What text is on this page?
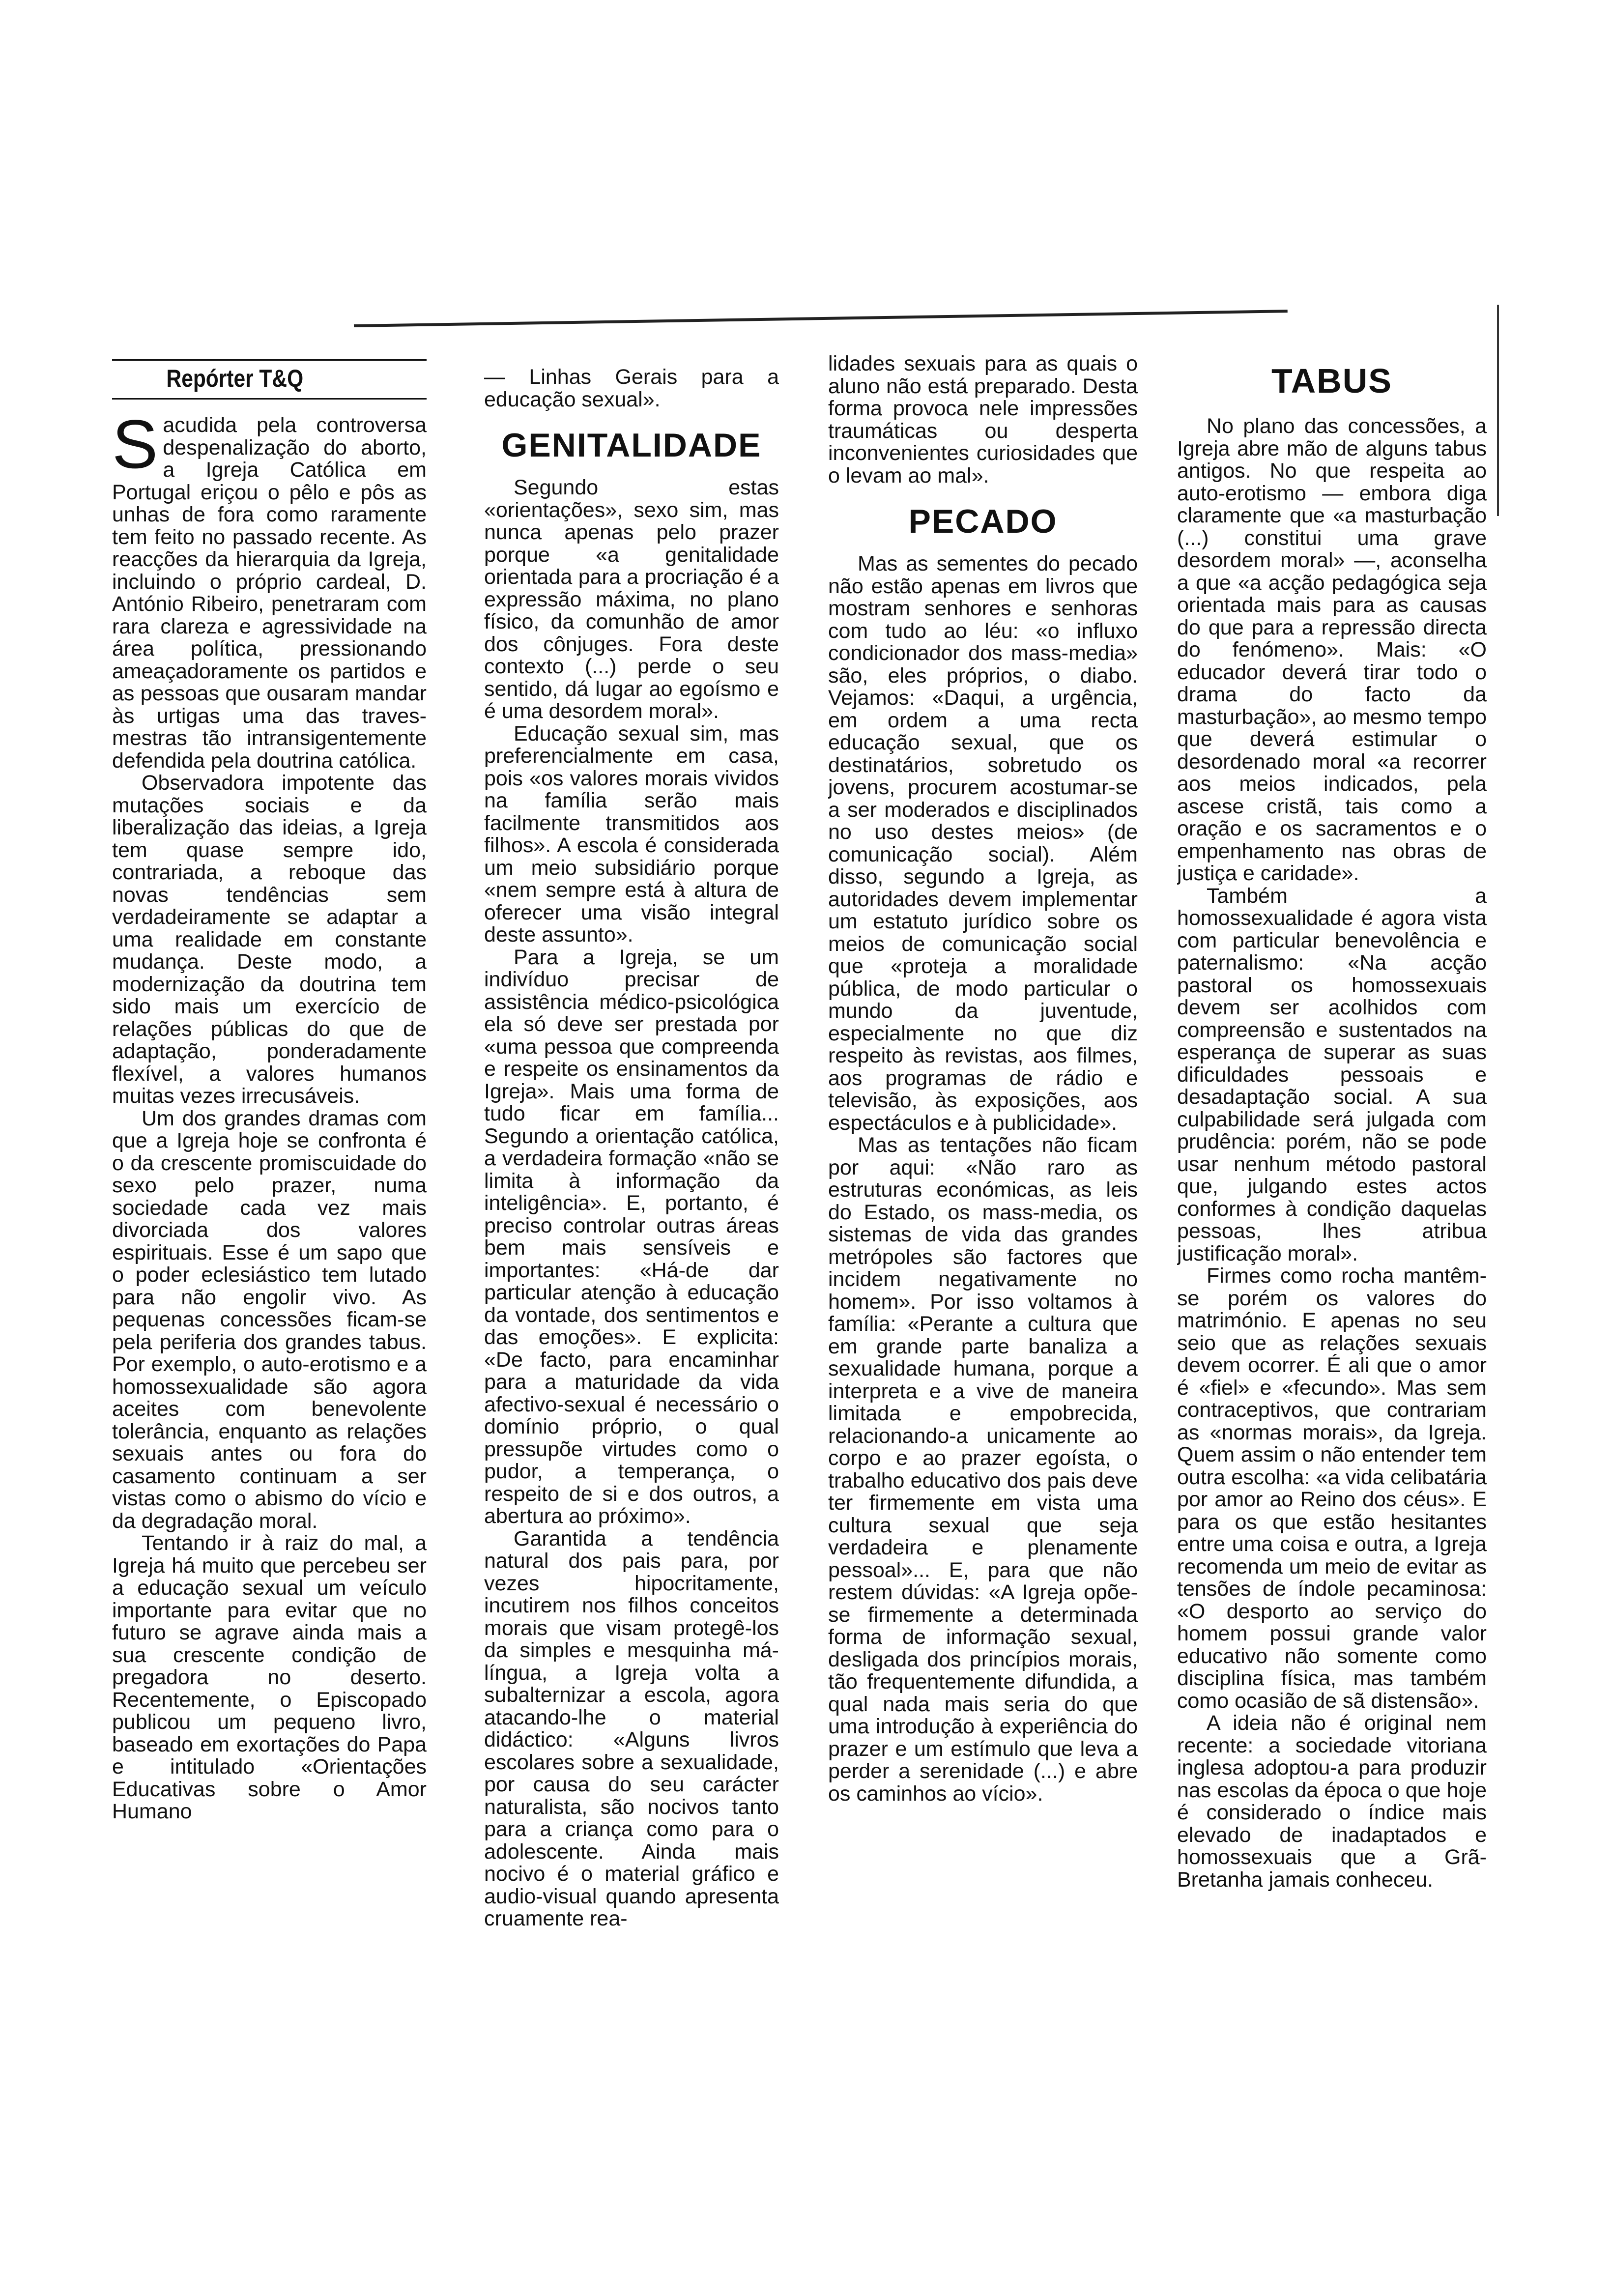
Repórter T&Q
S acudida pela controversa despenalização do aborto, a Igreja Católica em Portugal eriçou o pêlo e pôs as unhas de fora como raramente tem feito no passado recente. As reacções da hierarquia da Igreja, incluindo o próprio cardeal, D. António Ribeiro, penetraram com rara clareza e agressividade na área política, pressionando ameaçadoramente os partidos e as pessoas que ousaram mandar às urtigas uma das traves-mestras tão intransigentemente defendida pela doutrina católica.

Observadora impotente das mutações sociais e da liberalização das ideias, a Igreja tem quase sempre ido, contrariada, a reboque das novas tendências sem verdadeiramente se adaptar a uma realidade em constante mudança. Deste modo, a modernização da doutrina tem sido mais um exercício de relações públicas do que de adaptação, ponderadamente flexível, a valores humanos muitas vezes irrecusáveis.

Um dos grandes dramas com que a Igreja hoje se confronta é o da crescente promiscuidade do sexo pelo prazer, numa sociedade cada vez mais divorciada dos valores espirituais. Esse é um sapo que o poder eclesiástico tem lutado para não engolir vivo. As pequenas concessões ficam-se pela periferia dos grandes tabus. Por exemplo, o auto-erotismo e a homossexualidade são agora aceites com benevolente tolerância, enquanto as relações sexuais antes ou fora do casamento continuam a ser vistas como o abismo do vício e da degradação moral.

Tentando ir à raiz do mal, a Igreja há muito que percebeu ser a educação sexual um veículo importante para evitar que no futuro se agrave ainda mais a sua crescente condição de pregadora no deserto. Recentemente, o Episcopado publicou um pequeno livro, baseado em exortações do Papa e intitulado «Orientações Educativas sobre o Amor Humano

— Linhas Gerais para a educação sexual».

GENITALIDADE

Segundo estas «orientações», sexo sim, mas nunca apenas pelo prazer porque «a genitalidade orientada para a procriação é a expressão máxima, no plano físico, da comunhão de amor dos cônjuges. Fora deste contexto (...) perde o seu sentido, dá lugar ao egoísmo e é uma desordem moral».

Educação sexual sim, mas preferencialmente em casa, pois «os valores morais vividos na família serão mais facilmente transmitidos aos filhos». A escola é considerada um meio subsidiário porque «nem sempre está à altura de oferecer uma visão integral deste assunto».

Para a Igreja, se um indivíduo precisar de assistência médico-psicológica ela só deve ser prestada por «uma pessoa que compreenda e respeite os ensinamentos da Igreja». Mais uma forma de tudo ficar em família... Segundo a orientação católica, a verdadeira formação «não se limita à informação da inteligência». E, portanto, é preciso controlar outras áreas bem mais sensíveis e importantes: «Há-de dar particular atenção à educação da vontade, dos sentimentos e das emoções». E explicita: «De facto, para encaminhar para a maturidade da vida afectivo-sexual é necessário o domínio próprio, o qual pressupõe virtudes como o pudor, a temperança, o respeito de si e dos outros, a abertura ao próximo».

Garantida a tendência natural dos pais para, por vezes hipocritamente, incutirem nos filhos conceitos morais que visam protegê-los da simples e mesquinha má-língua, a Igreja volta a subalternizar a escola, agora atacando-lhe o material didáctico: «Alguns livros escolares sobre a sexualidade, por causa do seu carácter naturalista, são nocivos tanto para a criança como para o adolescente. Ainda mais nocivo é o material gráfico e audio-visual quando apresenta cruamente rea-

lidades sexuais para as quais o aluno não está preparado. Desta forma provoca nele impressões traumáticas ou desperta inconvenientes curiosidades que o levam ao mal».

PECADO

Mas as sementes do pecado não estão apenas em livros que mostram senhores e senhoras com tudo ao léu: «o influxo condicionador dos mass-media» são, eles próprios, o diabo. Vejamos: «Daqui, a urgência, em ordem a uma recta educação sexual, que os destinatários, sobretudo os jovens, procurem acostumar-se a ser moderados e disciplinados no uso destes meios» (de comunicação social). Além disso, segundo a Igreja, as autoridades devem implementar um estatuto jurídico sobre os meios de comunicação social que «proteja a moralidade pública, de modo particular o mundo da juventude, especialmente no que diz respeito às revistas, aos filmes, aos programas de rádio e televisão, às exposições, aos espectáculos e à publicidade».

Mas as tentações não ficam por aqui: «Não raro as estruturas económicas, as leis do Estado, os mass-media, os sistemas de vida das grandes metrópoles são factores que incidem negativamente no homem». Por isso voltamos à família: «Perante a cultura que em grande parte banaliza a sexualidade humana, porque a interpreta e a vive de maneira limitada e empobrecida, relacionando-a unicamente ao corpo e ao prazer egoísta, o trabalho educativo dos pais deve ter firmemente em vista uma cultura sexual que seja verdadeira e plenamente pessoal»... E, para que não restem dúvidas: «A Igreja opõe-se firmemente a determinada forma de informação sexual, desligada dos princípios morais, tão frequentemente difundida, a qual nada mais seria do que uma introdução à experiência do prazer e um estímulo que leva a perder a serenidade (...) e abre os caminhos ao vício».

TABUS

No plano das concessões, a Igreja abre mão de alguns tabus antigos. No que respeita ao auto-erotismo — embora diga claramente que «a masturbação (...) constitui uma grave desordem moral» —, aconselha a que «a acção pedagógica seja orientada mais para as causas do que para a repressão directa do fenómeno». Mais: «O educador deverá tirar todo o drama do facto da masturbação», ao mesmo tempo que deverá estimular o desordenado moral «a recorrer aos meios indicados, pela ascese cristã, tais como a oração e os sacramentos e o empenhamento nas obras de justiça e caridade».

Também a homossexualidade é agora vista com particular benevolência e paternalismo: «Na acção pastoral os homossexuais devem ser acolhidos com compreensão e sustentados na esperança de superar as suas dificuldades pessoais e desadaptação social. A sua culpabilidade será julgada com prudência: porém, não se pode usar nenhum método pastoral que, julgando estes actos conformes à condição daquelas pessoas, lhes atribua justificação moral».

Firmes como rocha mantêm-se porém os valores do matrimónio. E apenas no seu seio que as relações sexuais devem ocorrer. É ali que o amor é «fiel» e «fecundo». Mas sem contraceptivos, que contrariam as «normas morais», da Igreja. Quem assim o não entender tem outra escolha: «a vida celibatária por amor ao Reino dos céus». E para os que estão hesitantes entre uma coisa e outra, a Igreja recomenda um meio de evitar as tensões de índole pecaminosa: «O desporto ao serviço do homem possui grande valor educativo não somente como disciplina física, mas também como ocasião de sã distensão».

A ideia não é original nem recente: a sociedade vitoriana inglesa adoptou-a para produzir nas escolas da época o que hoje é considerado o índice mais elevado de inadaptados e homossexuais que a Grã-Bretanha jamais conheceu.
